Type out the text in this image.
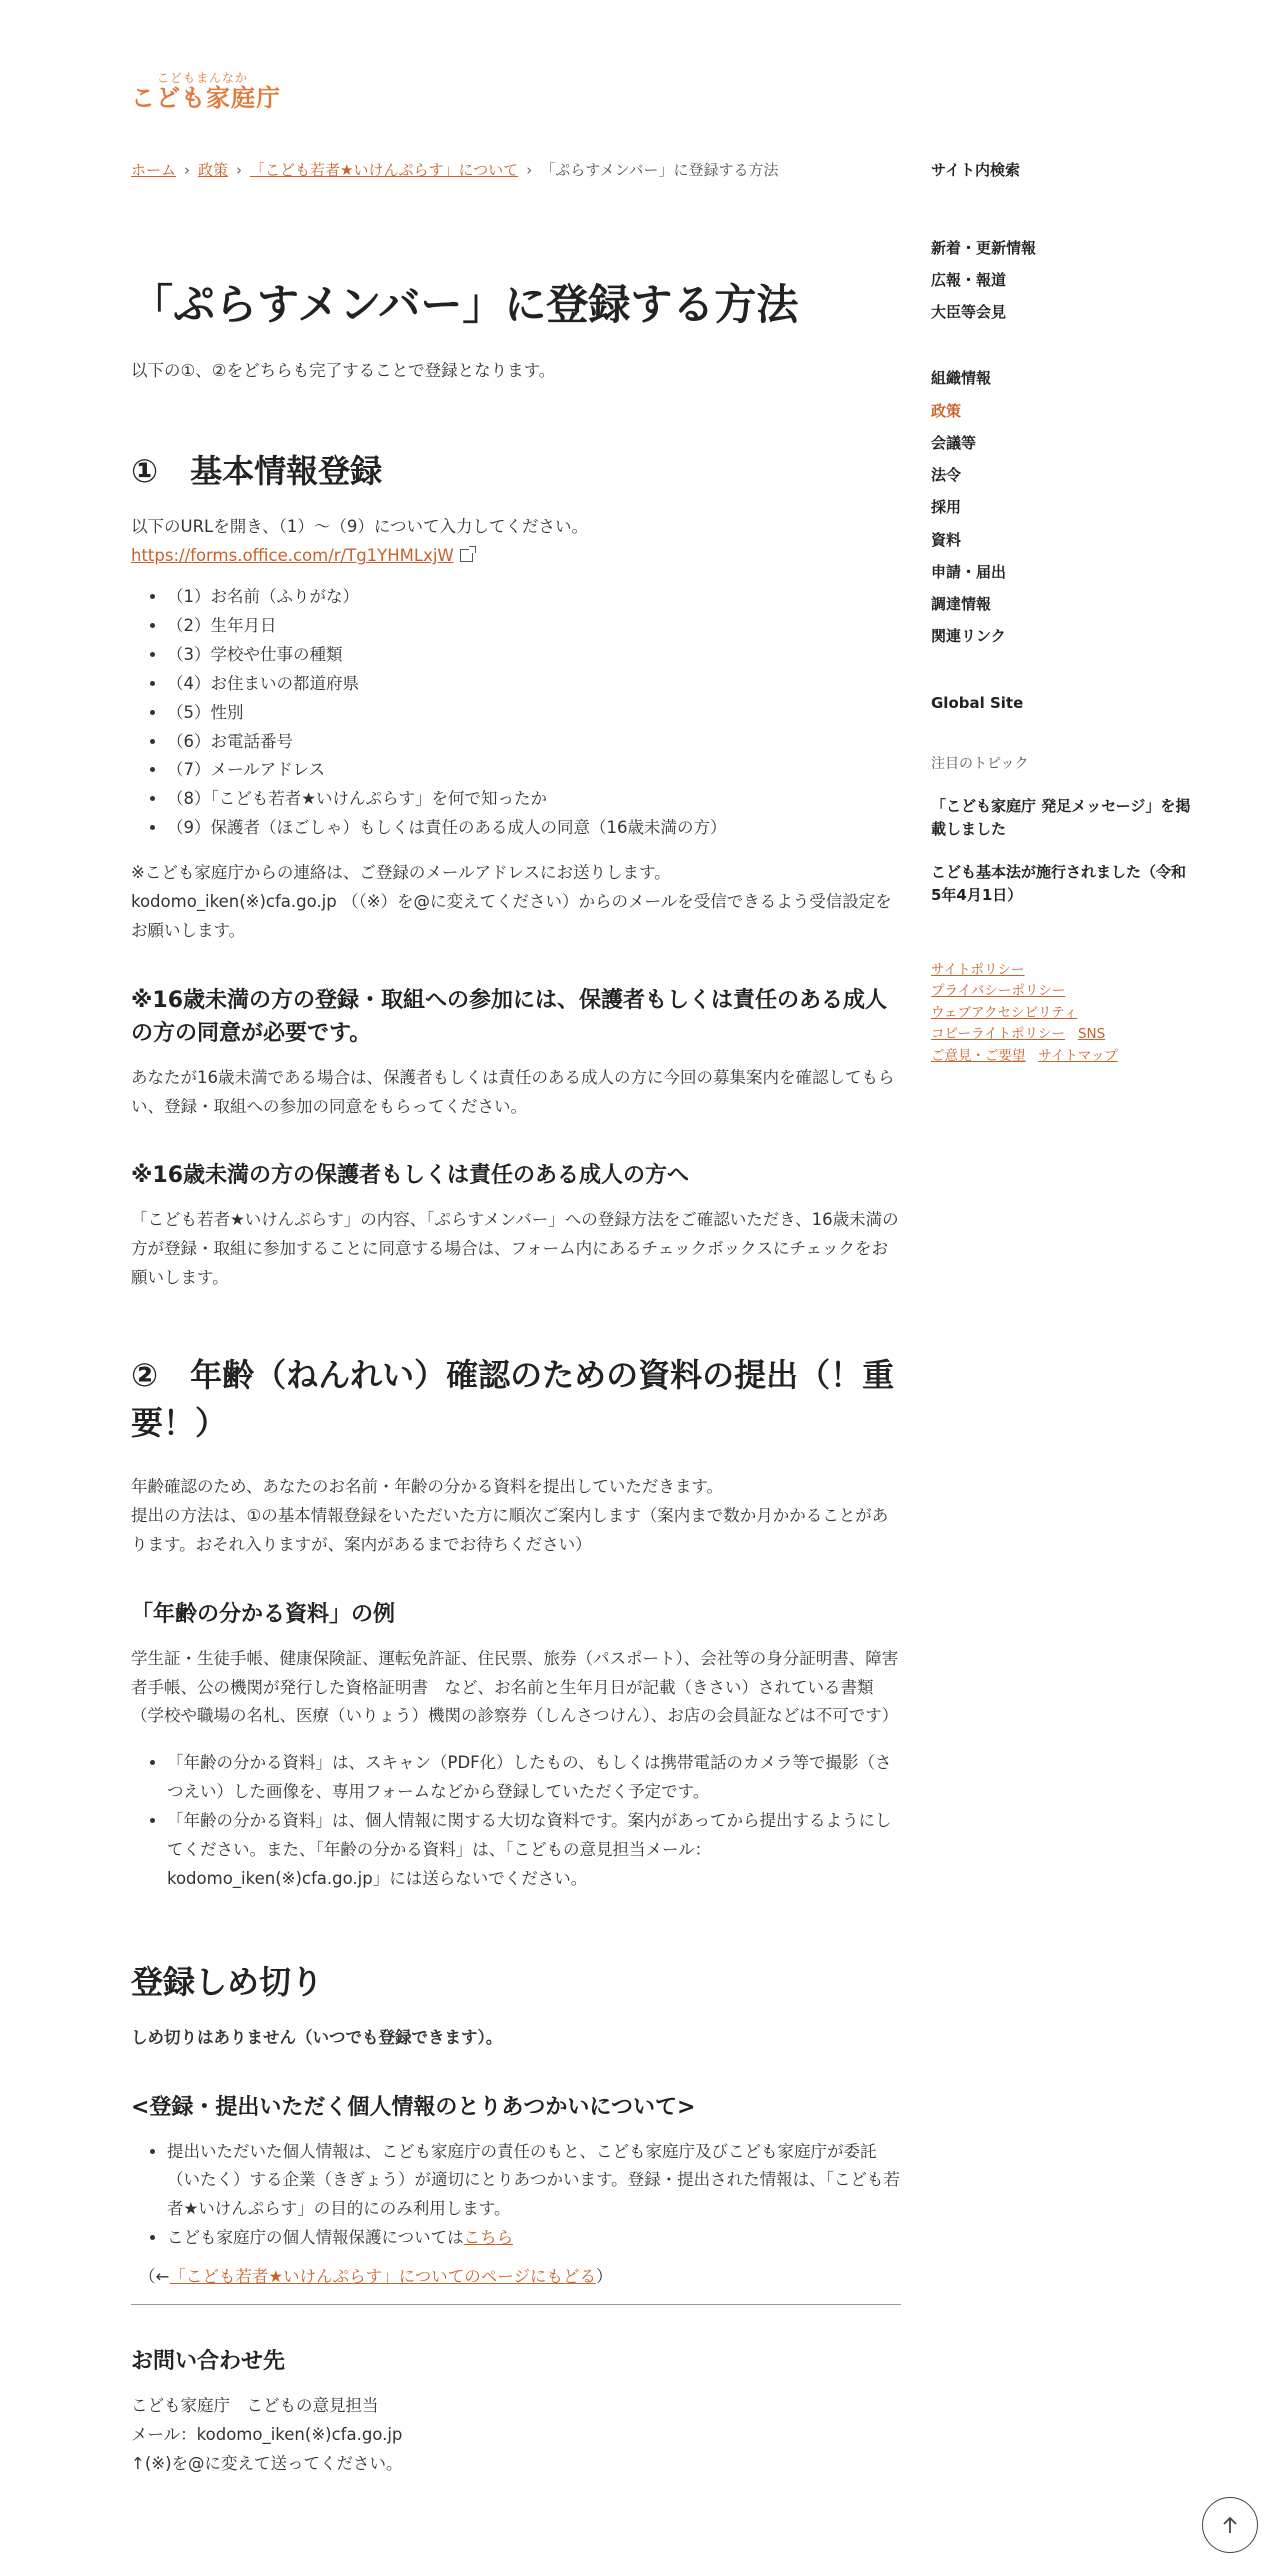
こどもまんなか
こども家庭庁
ホーム › 政策 › 「こども若者★いけんぷらす」について › 「ぷらすメンバー」に登録する方法
「ぷらすメンバー」に登録する方法

以下の①、②をどちらも完了することで登録となります。

①　基本情報登録

以下のURLを開き、（1）～（9）について入力してください。

https://forms.office.com/r/Tg1YHMLxjW

• （1）お名前（ふりがな）
• （2）生年月日
• （3）学校や仕事の種類
• （4）お住まいの都道府県
• （5）性別
• （6）お電話番号
• （7）メールアドレス
• （8）「こども若者★いけんぷらす」を何で知ったか
• （9）保護者（ほごしゃ）もしくは責任のある成人の同意（16歳未満の方）

※こども家庭庁からの連絡は、ご登録のメールアドレスにお送りします。

kodomo_iken(※)cfa.go.jp （（※）を@に変えてください）からのメールを受信できるよう受信設定をお願いします。

※16歳未満の方の登録・取組への参加には、保護者もしくは責任のある成人の方の同意が必要です。

あなたが16歳未満である場合は、保護者もしくは責任のある成人の方に今回の募集案内を確認してもらい、登録・取組への参加の同意をもらってください。

※16歳未満の方の保護者もしくは責任のある成人の方へ

「こども若者★いけんぷらす」の内容、「ぷらすメンバー」への登録方法をご確認いただき、16歳未満の方が登録・取組に参加することに同意する場合は、フォーム内にあるチェックボックスにチェックをお願いします。

②　年齢（ねんれい）確認のための資料の提出（！重要！）

年齢確認のため、あなたのお名前・年齢の分かる資料を提出していただきます。

提出の方法は、①の基本情報登録をいただいた方に順次ご案内します（案内まで数か月かかることがあります。おそれ入りますが、案内があるまでお待ちください）

「年齢の分かる資料」の例

学生証・生徒手帳、健康保険証、運転免許証、住民票、旅券（パスポート）、会社等の身分証明書、障害者手帳、公の機関が発行した資格証明書　など、お名前と生年月日が記載（きさい）されている書類

（学校や職場の名札、医療（いりょう）機関の診察券（しんさつけん）、お店の会員証などは不可です）

• 「年齢の分かる資料」は、スキャン（PDF化）したもの、もしくは携帯電話のカメラ等で撮影（さつえい）した画像を、専用フォームなどから登録していただく予定です。
• 「年齢の分かる資料」は、個人情報に関する大切な資料です。案内があってから提出するようにしてください。また、「年齢の分かる資料」は、「こどもの意見担当メール：kodomo_iken(※)cfa.go.jp」には送らないでください。
登録しめ切り

しめ切りはありません（いつでも登録できます）。

<登録・提出いただく個人情報のとりあつかいについて>
• 提出いただいた個人情報は、こども家庭庁の責任のもと、こども家庭庁及びこども家庭庁が委託（いたく）する企業（きぎょう）が適切にとりあつかいます。登録・提出された情報は、「こども若者★いけんぷらす」の目的にのみ利用します。
• こども家庭庁の個人情報保護についてはこちら

（←「こども若者★いけんぷらす」についてのページにもどる）

お問い合わせ先

こども家庭庁　こどもの意見担当

メール：kodomo_iken(※)cfa.go.jp

↑(※)を@に変えて送ってください。

サイト内検索
新着・更新情報
広報・報道
大臣等会見
組織情報
政策
会議等
法令
採用
資料
申請・届出
調達情報
関連リンク
Global Site
注目のトピック
「こども家庭庁 発足メッセージ」を掲載しました
こども基本法が施行されました（令和5年4月1日）
サイトポリシー
プライバシーポリシー
ウェブアクセシビリティ
コピーライトポリシー SNS
ご意見・ご要望 サイトマップ
